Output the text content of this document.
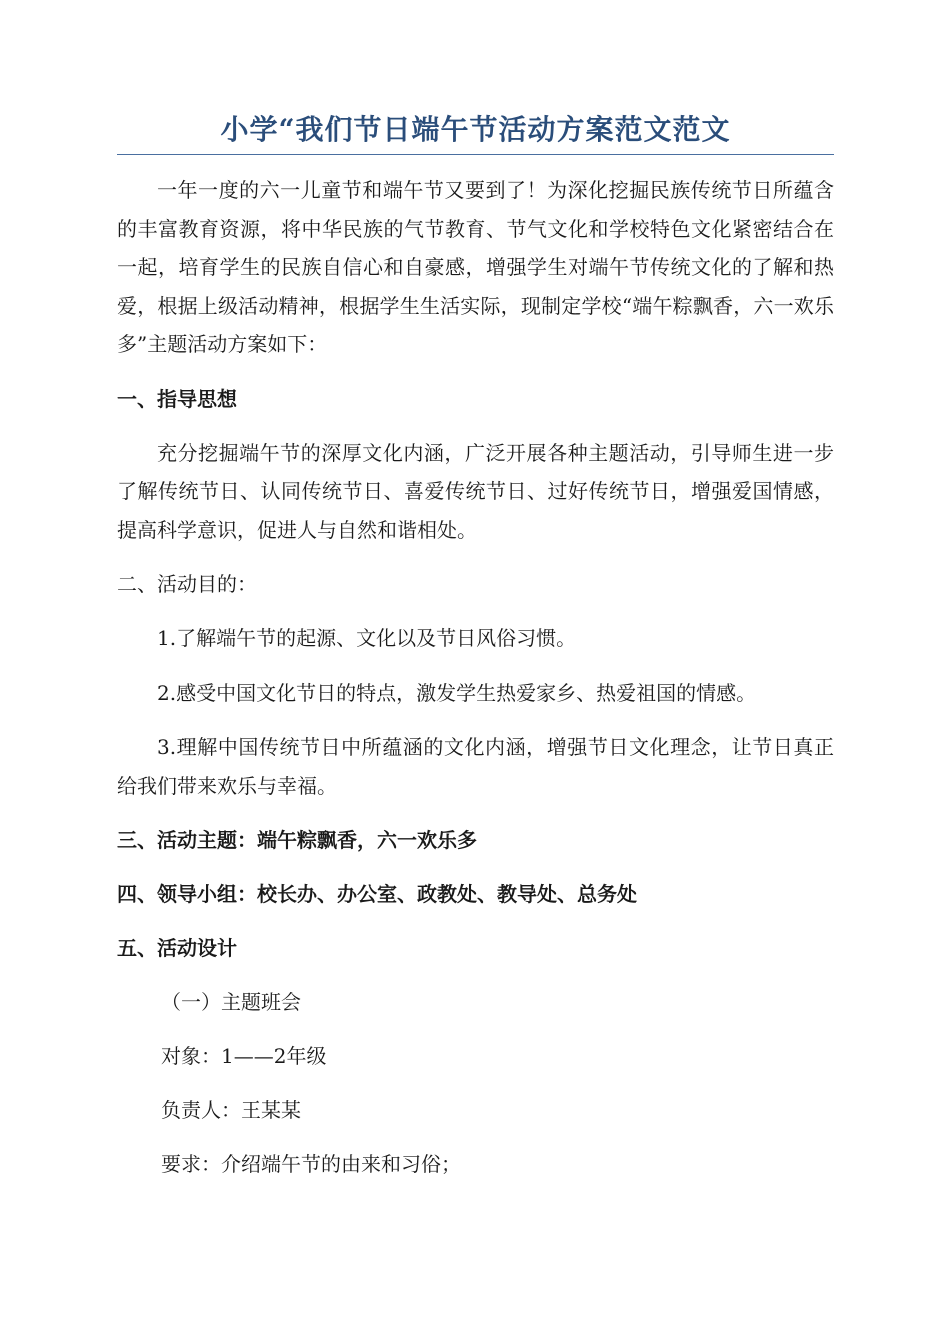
小学“我们节日端午节活动方案范文范文

一年一度的六一儿童节和端午节又要到了！为深化挖掘民族传统节日所蕴含的丰富教育资源，将中华民族的气节教育、节气文化和学校特色文化紧密结合在一起，培育学生的民族自信心和自豪感，增强学生对端午节传统文化的了解和热爱，根据上级活动精神，根据学生生活实际，现制定学校“端午粽飘香，六一欢乐多”主题活动方案如下：

一、指导思想

充分挖掘端午节的深厚文化内涵，广泛开展各种主题活动，引导师生进一步了解传统节日、认同传统节日、喜爱传统节日、过好传统节日，增强爱国情感，提高科学意识，促进人与自然和谐相处。

二、活动目的：

1.了解端午节的起源、文化以及节日风俗习惯。

2.感受中国文化节日的特点，激发学生热爱家乡、热爱祖国的情感。

3.理解中国传统节日中所蕴涵的文化内涵，增强节日文化理念，让节日真正给我们带来欢乐与幸福。

三、活动主题：端午粽飘香，六一欢乐多

四、领导小组：校长办、办公室、政教处、教导处、总务处

五、活动设计

（一）主题班会

对象：1——2年级

负责人：王某某

要求：介绍端午节的由来和习俗；
